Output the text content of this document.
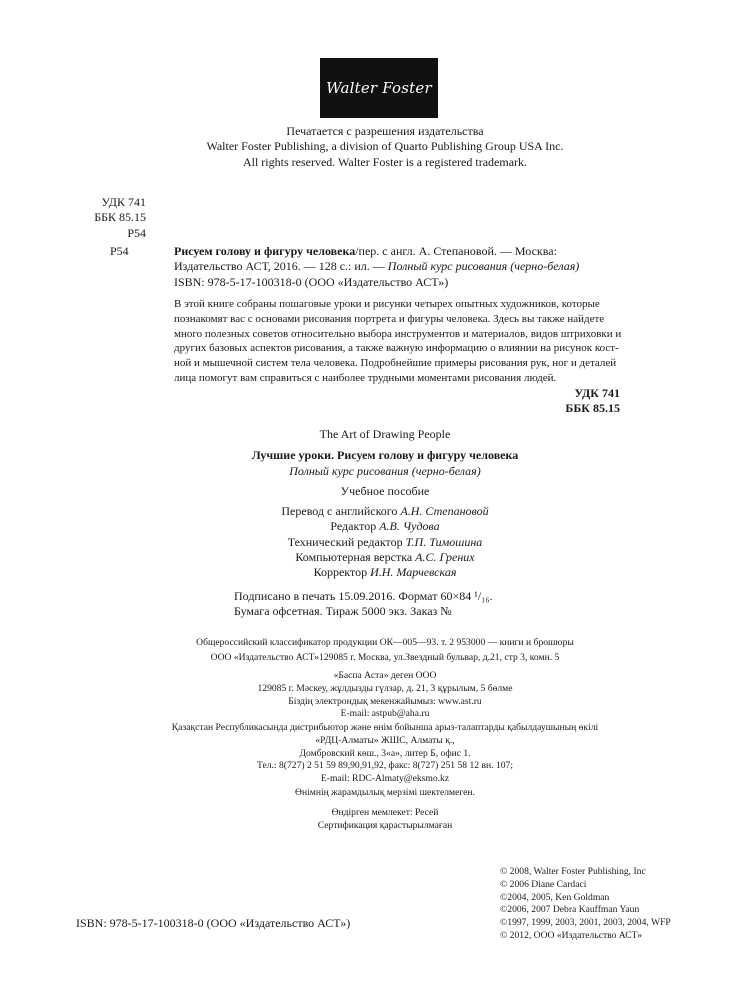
Walter Foster
Печатается с разрешения издательства
Walter Foster Publishing, a division of Quarto Publishing Group USA Inc.
All rights reserved. Walter Foster is a registered trademark.
УДК 741
ББК 85.15
Р54
Р54	Рисуем голову и фигуру человека/пер. с англ. А. Степановой. — Москва:
Издательство АСТ, 2016. — 128 с.: ил. — Полный курс рисования (черно-белая)
ISBN: 978-5-17-100318-0 (ООО «Издательство АСТ»)
В этой книге собраны пошаговые уроки и рисунки четырех опытных художников, которые
познакомят вас с основами рисования портрета и фигуры человека. Здесь вы также найдете
много полезных советов относительно выбора инструментов и материалов, видов штриховки и
других базовых аспектов рисования, а также важную информацию о влиянии на рисунок кост-
ной и мышечной систем тела человека. Подробнейшие примеры рисования рук, ног и деталей
лица помогут вам справиться с наиболее трудными моментами рисования людей.
УДК 741
ББК 85.15
The Art of Drawing People
Лучшие уроки. Рисуем голову и фигуру человека
Полный курс рисования (черно-белая)
Учебное пособие
Перевод с английского А.Н. Степановой
Редактор А.В. Чудова
Технический редактор Т.П. Тимошина
Компьютерная верстка А.С. Грених
Корректор И.Н. Марчевская
Подписано в печать 15.09.2016. Формат 60×84 ¹/₁₆.
Бумага офсетная. Тираж 5000 экз. Заказ №
Общероссийский классификатор продукции ОК—005—93. т. 2 953000 — книги и брошюры
ООО «Издательство АСТ»129085 г. Москва, ул.Звездный бульвар, д.21, стр 3, комн. 5
«Баспа Аста» деген ООО
129085 г. Мәскеу, жұлдызды гүлзар, д. 21, 3 құрылым, 5 бөлме
Біздің электрондық мекенжайымыз: www.ast.ru
E-mail: astpub@aha.ru
Қазақстан Республикасында дистрибьютор және өнім бойынша арыз-талаптарды қабылдаушының өкілі
«РДЦ-Алматы» ЖШС, Алматы қ.,
Домбровский көш., 3«а», литер Б, офис 1.
Тел.: 8(727) 2 51 59 89,90,91,92, факс: 8(727) 251 58 12 вн. 107;
E-mail: RDC-Almaty@eksmo.kz
Өнімнің жарамдылық мерзімі шектелмеген.
Өндірген мемлекет: Ресей
Сертификация қарастырылмаған
© 2008, Walter Foster Publishing, Inc
© 2006 Diane Cardaci
©2004, 2005, Ken Goldman
©2006, 2007 Debra Kauffman Yaun
©1997, 1999, 2003, 2001, 2003, 2004, WFP
© 2012, ООО «Издательство АСТ»
ISBN: 978-5-17-100318-0 (ООО «Издательство АСТ»)
